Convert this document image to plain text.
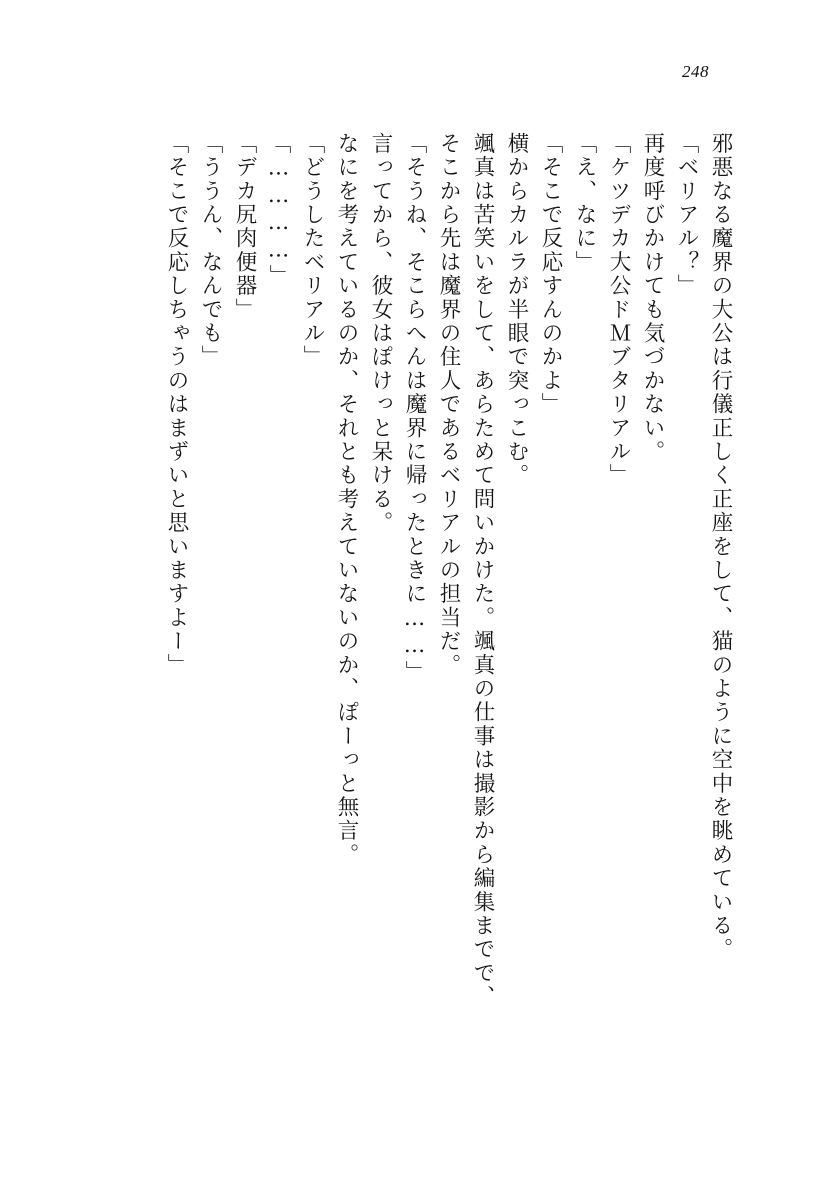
248
邪悪なる魔界の大公は行儀正しく正座をして、猫のように空中を眺めている。
「ベリアル？」
再度呼びかけても気づかない。
「ケツデカ大公ドＭブタリアル」
「え、なに」
「そこで反応すんのかよ」
横からカルラが半眼で突っこむ。
颯真は苦笑いをして、あらためて問いかけた。颯真の仕事は撮影から編集までで、
そこから先は魔界の住人であるベリアルの担当だ。
「そうね、そこらへんは魔界に帰ったときに……」
言ってから、彼女はぽけっと呆ける。
なにを考えているのか、それとも考えていないのか、ぽーっと無言。
「どうしたベリアル」
「…………」
「デカ尻肉便器」
「ううん、なんでも」
「そこで反応しちゃうのはまずいと思いますよー」
